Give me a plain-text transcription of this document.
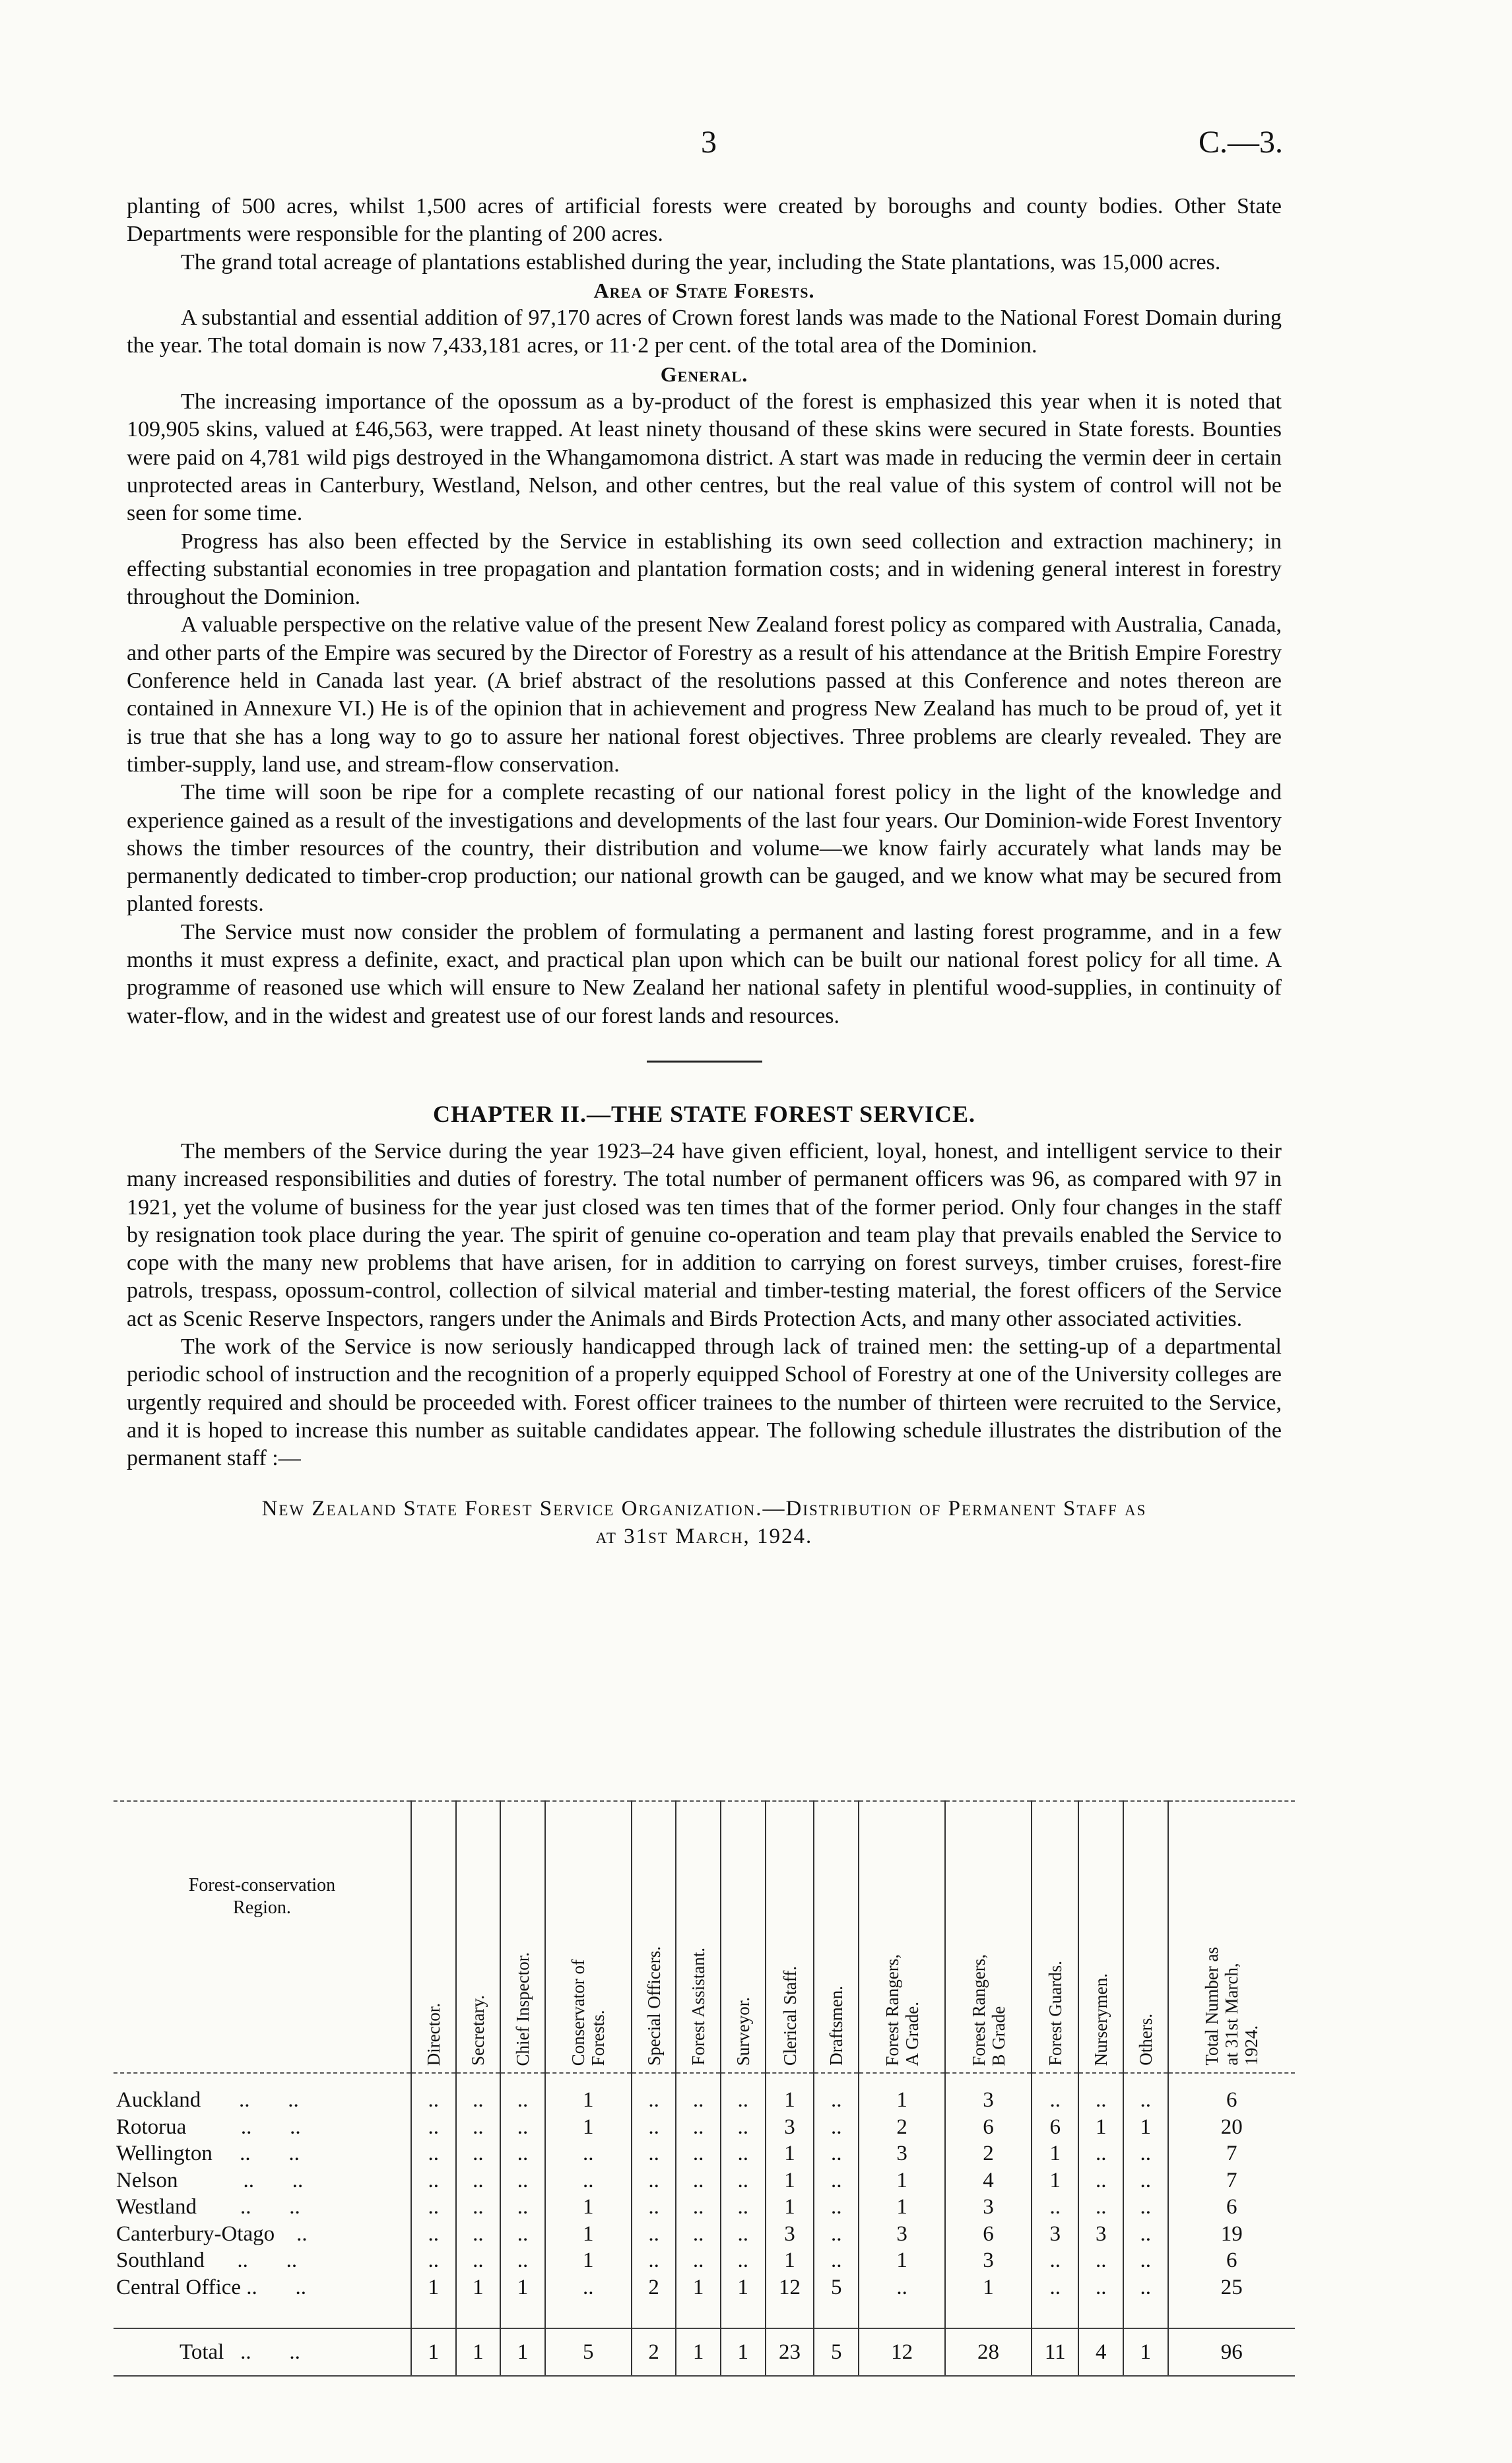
3	C.—3.

planting of 500 acres, whilst 1,500 acres of artificial forests were created by boroughs and county bodies. Other State Departments were responsible for the planting of 200 acres.

The grand total acreage of plantations established during the year, including the State plantations, was 15,000 acres.

Area of State Forests.

A substantial and essential addition of 97,170 acres of Crown forest lands was made to the National Forest Domain during the year. The total domain is now 7,433,181 acres, or 11·2 per cent. of the total area of the Dominion.

General.

The increasing importance of the opossum as a by-product of the forest is emphasized this year when it is noted that 109,905 skins, valued at £46,563, were trapped. At least ninety thousand of these skins were secured in State forests. Bounties were paid on 4,781 wild pigs destroyed in the Whangamomona district. A start was made in reducing the vermin deer in certain unprotected areas in Canterbury, Westland, Nelson, and other centres, but the real value of this system of control will not be seen for some time.

Progress has also been effected by the Service in establishing its own seed collection and extraction machinery; in effecting substantial economies in tree propagation and plantation formation costs; and in widening general interest in forestry throughout the Dominion.

A valuable perspective on the relative value of the present New Zealand forest policy as compared with Australia, Canada, and other parts of the Empire was secured by the Director of Forestry as a result of his attendance at the British Empire Forestry Conference held in Canada last year. (A brief abstract of the resolutions passed at this Conference and notes thereon are contained in Annexure VI.) He is of the opinion that in achievement and progress New Zealand has much to be proud of, yet it is true that she has a long way to go to assure her national forest objectives. Three problems are clearly revealed. They are timber-supply, land use, and stream-flow conservation.

The time will soon be ripe for a complete recasting of our national forest policy in the light of the knowledge and experience gained as a result of the investigations and developments of the last four years. Our Dominion-wide Forest Inventory shows the timber resources of the country, their distribution and volume—we know fairly accurately what lands may be permanently dedicated to timber-crop production; our national growth can be gauged, and we know what may be secured from planted forests.

The Service must now consider the problem of formulating a permanent and lasting forest programme, and in a few months it must express a definite, exact, and practical plan upon which can be built our national forest policy for all time. A programme of reasoned use which will ensure to New Zealand her national safety in plentiful wood-supplies, in continuity of water-flow, and in the widest and greatest use of our forest lands and resources.

CHAPTER II.—THE STATE FOREST SERVICE.

The members of the Service during the year 1923–24 have given efficient, loyal, honest, and intelligent service to their many increased responsibilities and duties of forestry. The total number of permanent officers was 96, as compared with 97 in 1921, yet the volume of business for the year just closed was ten times that of the former period. Only four changes in the staff by resignation took place during the year. The spirit of genuine co-operation and team play that prevails enabled the Service to cope with the many new problems that have arisen, for in addition to carrying on forest surveys, timber cruises, forest-fire patrols, trespass, opossum-control, collection of silvical material and timber-testing material, the forest officers of the Service act as Scenic Reserve Inspectors, rangers under the Animals and Birds Protection Acts, and many other associated activities.

The work of the Service is now seriously handicapped through lack of trained men: the setting-up of a departmental periodic school of instruction and the recognition of a properly equipped School of Forestry at one of the University colleges are urgently required and should be proceeded with. Forest officer trainees to the number of thirteen were recruited to the Service, and it is hoped to increase this number as suitable candidates appear. The following schedule illustrates the distribution of the permanent staff :—

New Zealand State Forest Service Organization.—Distribution of Permanent Staff as
at 31st March, 1924.
Forest-conservation
Region.	Director.	Secretary.	Chief Inspector.	Conservator of
Forests.	Special Officers.	Forest Assistant.	Surveyor.	Clerical Staff.	Draftsmen.	Forest Rangers,
A Grade.	Forest Rangers,
B Grade	Forest Guards.	Nurserymen.	Others.	Total Number as
at 31st March,
1924.

Auckland       ..       ..	..	..	..	1	..	..	..	1	..	1	3	..	..	..	6
Rotorua          ..       ..	..	..	..	1	..	..	..	3	..	2	6	6	1	1	20
Wellington     ..       ..	..	..	..	..	..	..	..	1	..	3	2	1	..	..	7
Nelson            ..       ..	..	..	..	..	..	..	..	1	..	1	4	1	..	..	7
Westland        ..       ..	..	..	..	1	..	..	..	1	..	1	3	..	..	..	6
Canterbury-Otago    ..	..	..	..	1	..	..	..	3	..	3	6	3	3	..	19
Southland      ..       ..	..	..	..	1	..	..	..	1	..	1	3	..	..	..	6
Central Office ..       ..	1	1	1	..	2	1	1	12	5	..	1	..	..	..	25

Total   ..       ..	1	1	1	5	2	1	1	23	5	12	28	11	4	1	96
